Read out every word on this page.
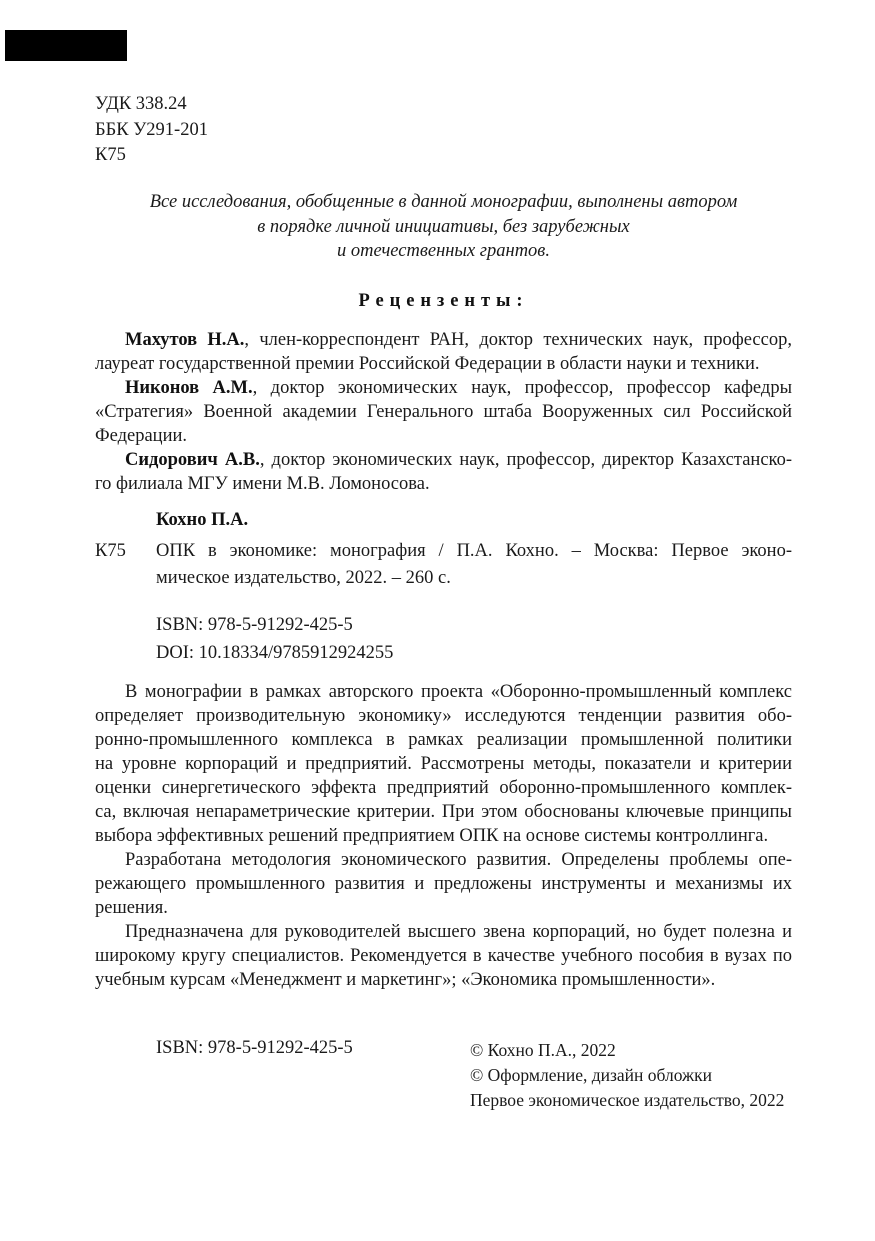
УДК 338.24
ББК У291-201
К75
Все исследования, обобщенные в данной монографии, выполнены автором
в порядке личной инициативы, без зарубежных
и отечественных грантов.
Рецензенты:
Махутов Н.А., член-корреспондент РАН, доктор технических наук, профессор,
лауреат государственной премии Российской Федерации в области науки и техники.
Никонов А.М., доктор экономических наук, профессор, профессор кафедры
«Стратегия» Военной академии Генерального штаба Вооруженных сил Российской
Федерации.
Сидорович А.В., доктор экономических наук, профессор, директор Казахстанско-
го филиала МГУ имени М.В. Ломоносова.
Кохно П.А.
К75 ОПК в экономике: монография / П.А. Кохно. – Москва: Первое эконо-
мическое издательство, 2022. – 260 с.
ISBN: 978-5-91292-425-5
DOI: 10.18334/9785912924255
В монографии в рамках авторского проекта «Оборонно-промышленный комплекс
определяет производительную экономику» исследуются тенденции развития обо-
ронно-промышленного комплекса в рамках реализации промышленной политики
на уровне корпораций и предприятий. Рассмотрены методы, показатели и критерии
оценки синергетического эффекта предприятий оборонно-промышленного комплек-
са, включая непараметрические критерии. При этом обоснованы ключевые принципы
выбора эффективных решений предприятием ОПК на основе системы контроллинга.
Разработана методология экономического развития. Определены проблемы опе-
режающего промышленного развития и предложены инструменты и механизмы их
решения.
Предназначена для руководителей высшего звена корпораций, но будет полезна и
широкому кругу специалистов. Рекомендуется в качестве учебного пособия в вузах по
учебным курсам «Менеджмент и маркетинг»; «Экономика промышленности».
ISBN: 978-5-91292-425-5	© Кохно П.А., 2022
© Оформление, дизайн обложки
Первое экономическое издательство, 2022
